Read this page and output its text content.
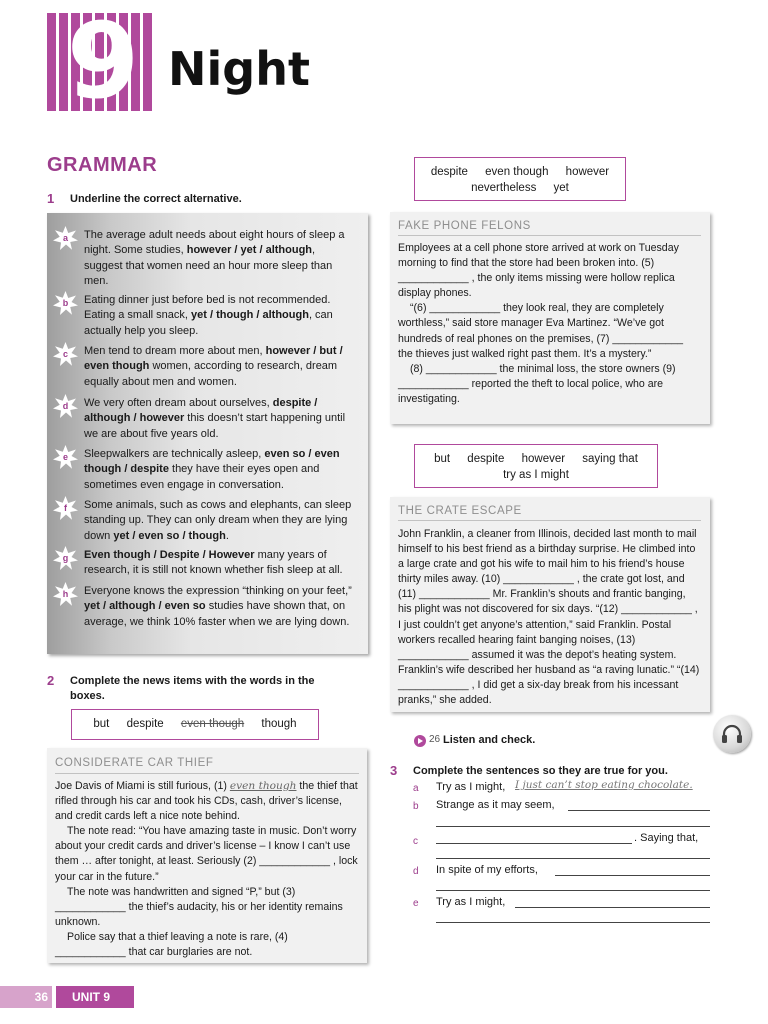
9 Night
GRAMMAR
1 Underline the correct alternative.
a	The average adult needs about eight hours of sleep a night. Some studies, however / yet / although, suggest that women need an hour more sleep than men.
b	Eating dinner just before bed is not recommended. Eating a small snack, yet / though / although, can actually help you sleep.
c	Men tend to dream more about men, however / but / even though women, according to research, dream equally about men and women.
d	We very often dream about ourselves, despite / although / however this doesn’t start happening until we are about five years old.
e	Sleepwalkers are technically asleep, even so / even though / despite they have their eyes open and sometimes even engage in conversation.
f	Some animals, such as cows and elephants, can sleep standing up. They can only dream when they are lying down yet / even so / though.
g	Even though / Despite / However many years of research, it is still not known whether fish sleep at all.
h	Everyone knows the expression “thinking on your feet,” yet / although / even so studies have shown that, on average, we think 10% faster when we are lying down.
2 Complete the news items with the words in the boxes.
but despite even though though
CONSIDERATE CAR THIEF

Joe Davis of Miami is still furious, (1) even though the thief that rifled through his car and took his CDs, cash, driver’s license, and credit cards left a nice note behind.

The note read: “You have amazing taste in music. Don’t worry about your credit cards and driver’s license – I know I can’t use them … after tonight, at least. Seriously (2) ____________ , lock your car in the future.”

The note was handwritten and signed “P,” but (3) ____________ the thief’s audacity, his or her identity remains unknown.

Police say that a thief leaving a note is rare, (4) ____________ that car burglaries are not.

despite even though however
nevertheless yet
FAKE PHONE FELONS

Employees at a cell phone store arrived at work on Tuesday morning to find that the store had been broken into. (5) ____________ , the only items missing were hollow replica display phones.

“(6) ____________ they look real, they are completely worthless,” said store manager Eva Martinez. “We’ve got hundreds of real phones on the premises, (7) ____________ the thieves just walked right past them. It’s a mystery.”

(8) ____________ the minimal loss, the store owners (9) ____________ reported the theft to local police, who are investigating.

but despite however saying that
try as I might
THE CRATE ESCAPE

John Franklin, a cleaner from Illinois, decided last month to mail himself to his best friend as a birthday surprise. He climbed into a large crate and got his wife to mail him to his friend’s house thirty miles away. (10) ____________ , the crate got lost, and (11) ____________ Mr. Franklin’s shouts and frantic banging, his plight was not discovered for six days. “(12) ____________ , I just couldn’t get anyone’s attention,” said Franklin. Postal workers recalled hearing faint banging noises, (13) ____________ assumed it was the depot’s heating system. Franklin’s wife described her husband as “a raving lunatic.” “(14) ____________ , I did get a six-day break from his incessant pranks,” she added.

26 Listen and check.
3 Complete the sentences so they are true for you.
a Try as I might, I just can’t stop eating chocolate.
b Strange as it may seem,
c	. Saying that,
d In spite of my efforts,
e Try as I might,
36	UNIT 9
